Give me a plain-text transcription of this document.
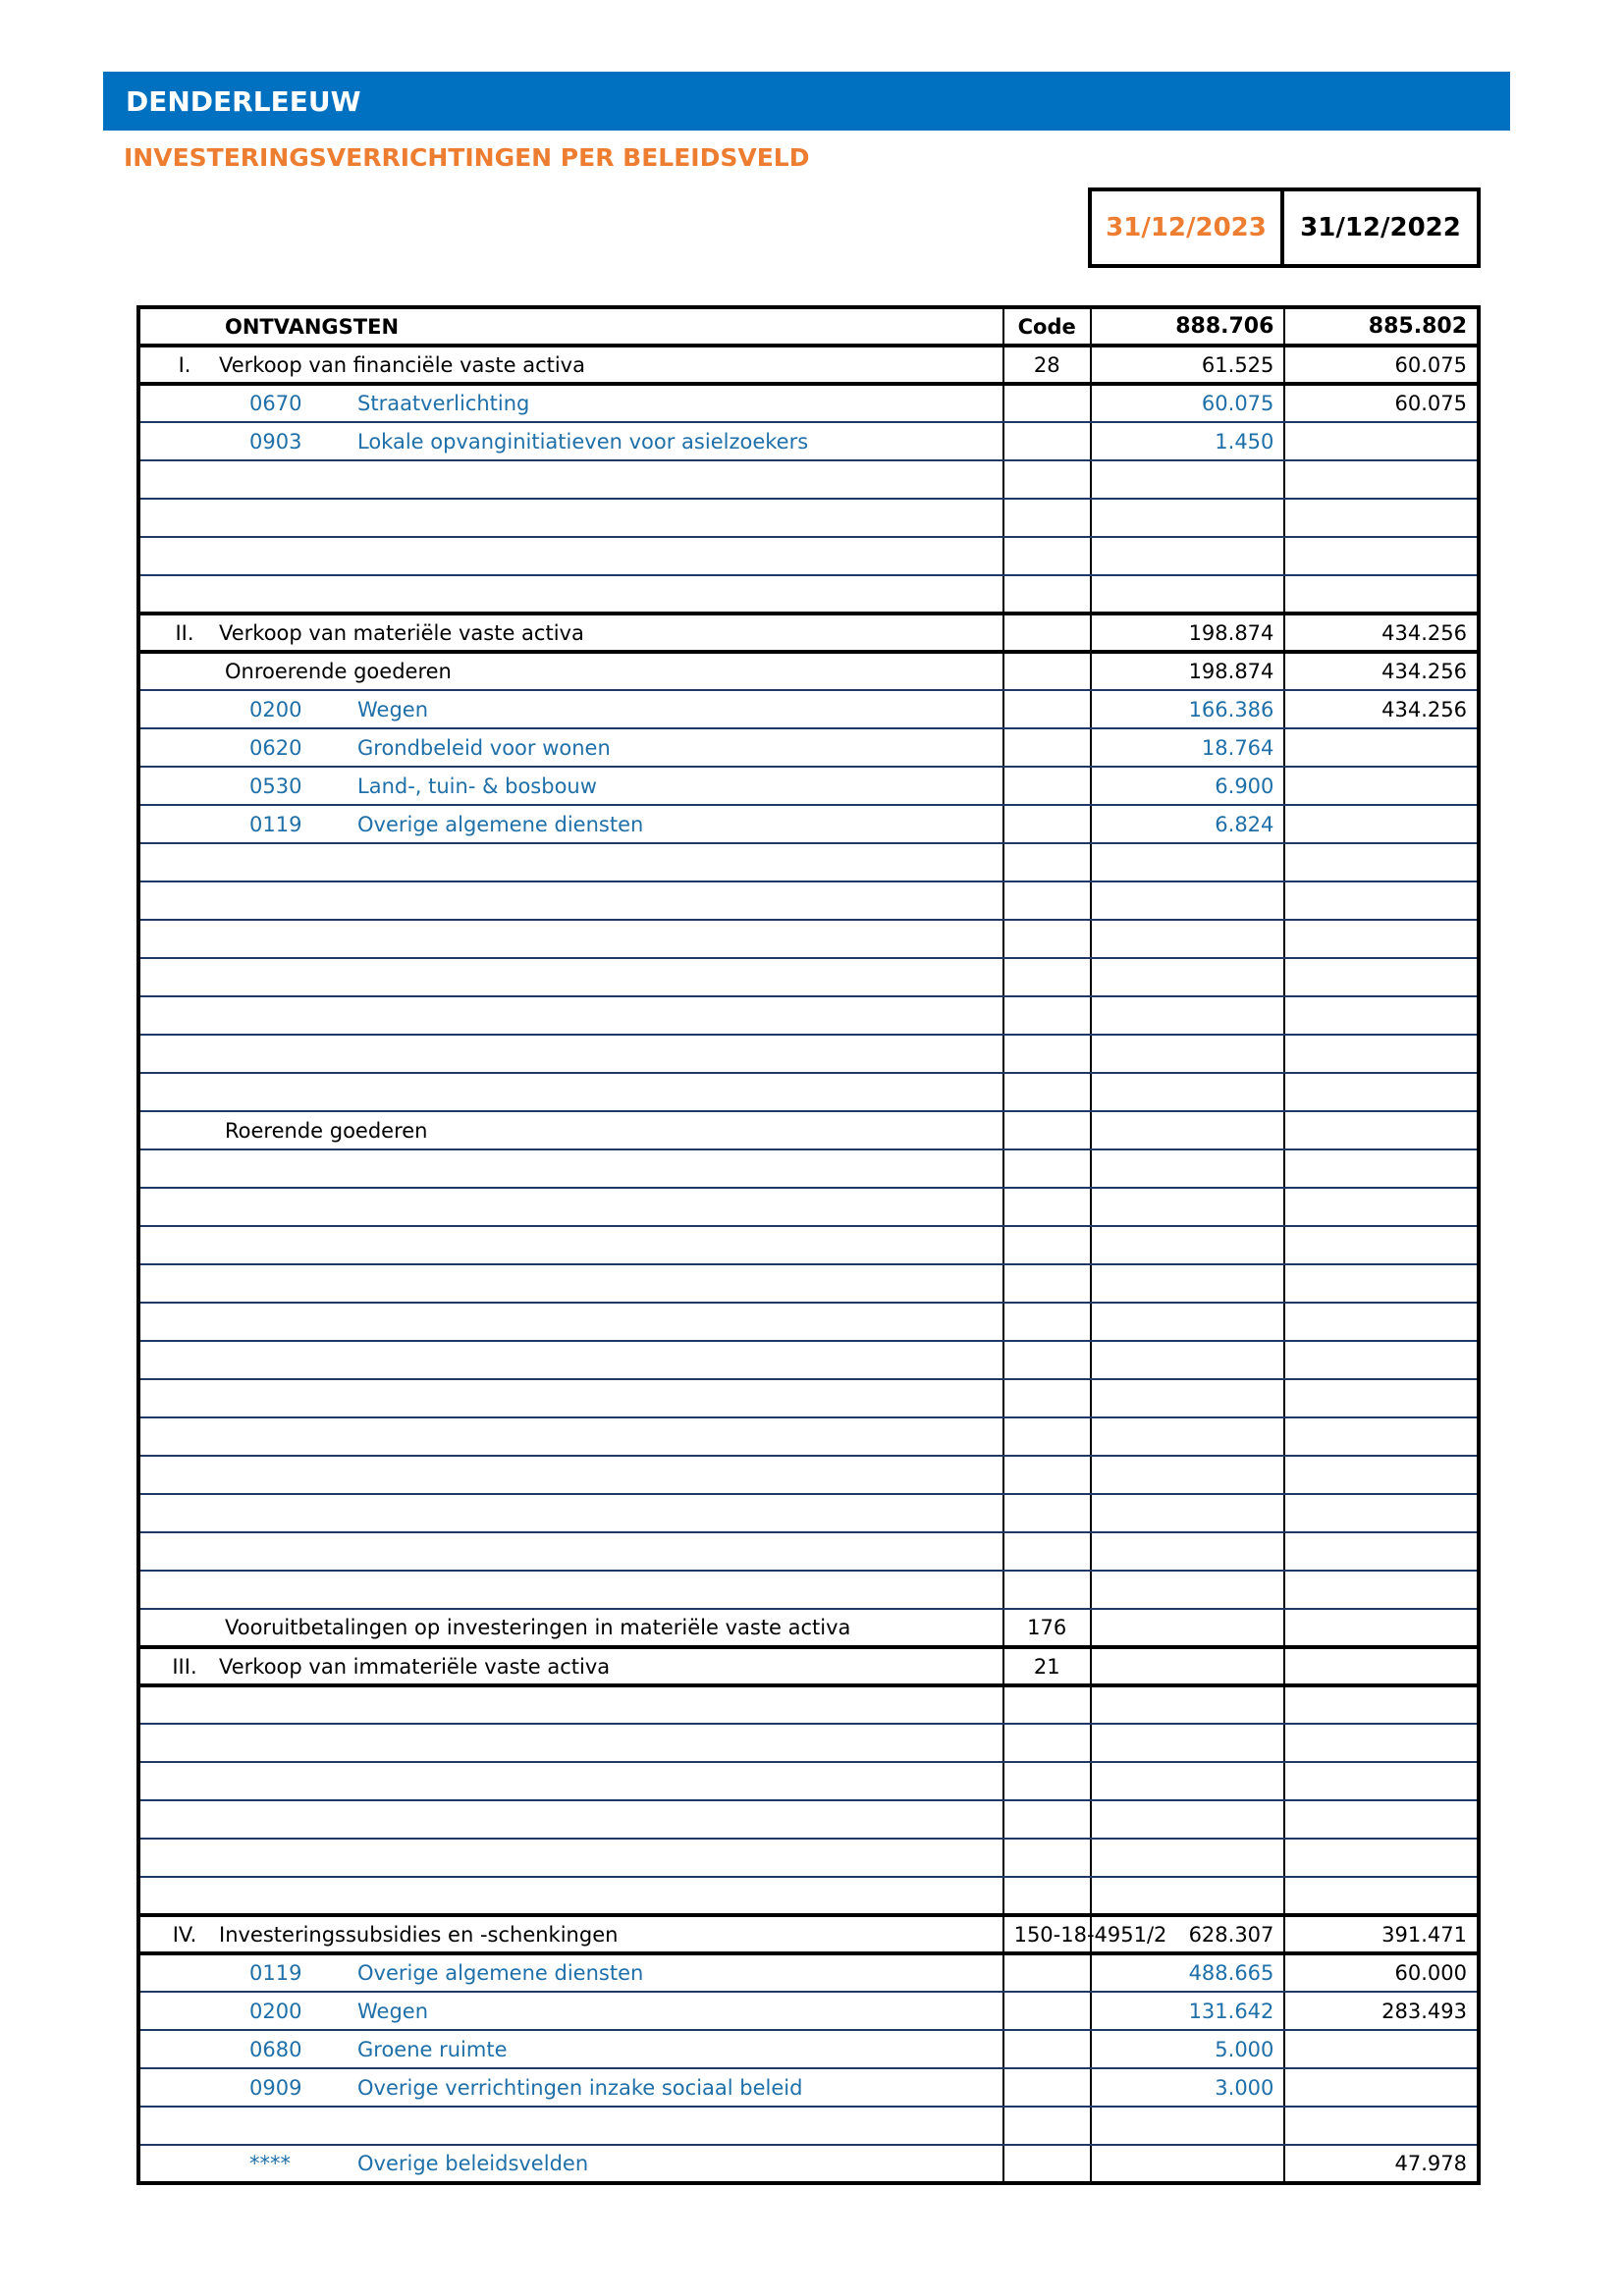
DENDERLEEUW
INVESTERINGSVERRICHTINGEN PER BELEIDSVELD
31/12/2023	31/12/2022
ONTVANGSTEN	Code	888.706	885.802
I. Verkoop van financiële vaste activa	28	61.525	60.075
0670 Straatverlichting		60.075	60.075
0903 Lokale opvanginitiatieven voor asielzoekers		1.450	

II. Verkoop van materiële vaste activa		198.874	434.256
Onroerende goederen		198.874	434.256
0200 Wegen		166.386	434.256
0620 Grondbeleid voor wonen		18.764	
0530 Land-, tuin- & bosbouw		6.900	
0119 Overige algemene diensten		6.824	

Roerende goederen			

Vooruitbetalingen op investeringen in materiële vaste activa	176		
III. Verkoop van immateriële vaste activa	21		

IV. Investeringssubsidies en -schenkingen	150-18-4951/2	628.307	391.471
0119 Overige algemene diensten		488.665	60.000
0200 Wegen		131.642	283.493
0680 Groene ruimte		5.000	
0909 Overige verrichtingen inzake sociaal beleid		3.000	

**** Overige beleidsvelden			47.978
